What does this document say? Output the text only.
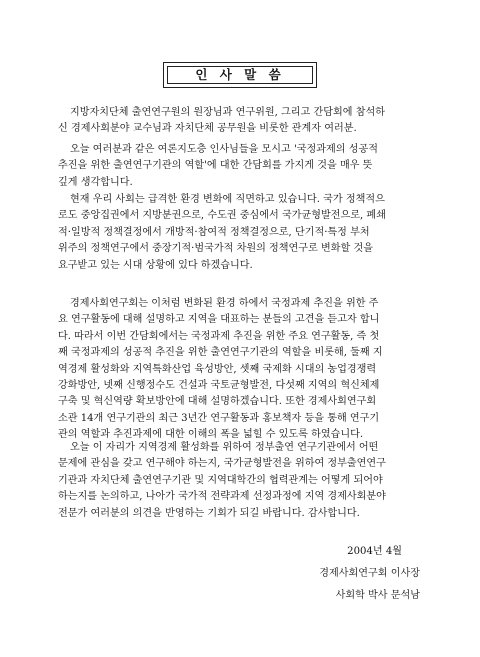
인 사 말 씀
지방자치단체 출연연구원의 원장님과 연구위원, 그리고 간담회에 참석하
신 경제사회분야 교수님과 자치단체 공무원을 비롯한 관계자 여러분.
오늘 여러분과 같은 여론지도층 인사님들을 모시고 '국정과제의 성공적
추진을 위한 출연연구기관의 역할'에 대한 간담회를 가지게 것을 매우 뜻
깊게 생각합니다.
현재 우리 사회는 급격한 환경 변화에 직면하고 있습니다. 국가 정책적으
로도 중앙집권에서 지방분권으로, 수도권 중심에서 국가균형발전으로, 폐쇄
적·일방적 정책결정에서 개방적·참여적 정책결정으로, 단기적·특정 부처
위주의 정책연구에서 중장기적·범국가적 차원의 정책연구로 변화할 것을
요구받고 있는 시대 상황에 있다 하겠습니다.
경제사회연구회는 이처럼 변화된 환경 하에서 국정과제 추진을 위한 주
요 연구활동에 대해 설명하고 지역을 대표하는 분들의 고견을 듣고자 합니
다. 따라서 이번 간담회에서는 국정과제 추진을 위한 주요 연구활동, 즉 첫
째 국정과제의 성공적 추진을 위한 출연연구기관의 역할을 비롯해, 둘째 지
역경제 활성화와 지역특화산업 육성방안, 셋째 국제화 시대의 농업경쟁력
강화방안, 넷째 신행정수도 건설과 국토균형발전, 다섯째 지역의 혁신체제
구축 및 혁신역량 확보방안에 대해 설명하겠습니다. 또한 경제사회연구회
소관 14개 연구기관의 최근 3년간 연구활동과 홍보책자 등을 통해 연구기
관의 역할과 추진과제에 대한 이해의 폭을 넓힐 수 있도록 하였습니다.
오늘 이 자리가 지역경제 활성화를 위하여 정부출연 연구기관에서 어떤
문제에 관심을 갖고 연구해야 하는지, 국가균형발전을 위하여 정부출연연구
기관과 자치단체 출연연구기관 및 지역대학간의 협력관계는 어떻게 되어야
하는지를 논의하고, 나아가 국가적 전략과제 선정과정에 지역 경제사회분야
전문가 여러분의 의견을 반영하는 기회가 되길 바랍니다. 감사합니다.
2004년 4월
경제사회연구회 이사장
사회학 박사 문석남
